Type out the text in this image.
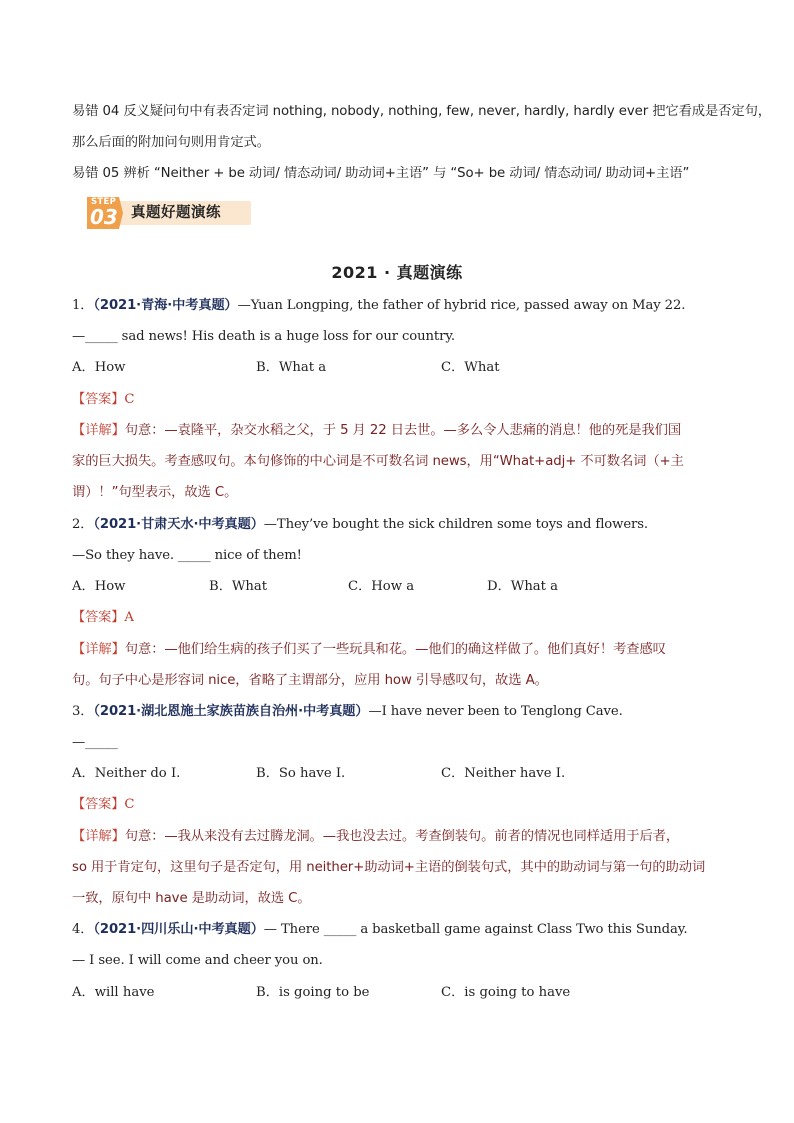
易错 04 反义疑问句中有表否定词 nothing, nobody, nothing, few, never, hardly, hardly ever 把它看成是否定句，
那么后面的附加问句则用肯定式。
易错 05 辨析 “Neither + be 动词/ 情态动词/ 助动词+主语” 与 “So+ be 动词/ 情态动词/ 助动词+主语”
STEP
03 真题好题演练
2021 · 真题演练
1．（2021·青海·中考真题）—Yuan Longping, the father of hybrid rice, passed away on May 22.
—_____ sad news! His death is a huge loss for our country.
A．How	B．What a	C．What
【答案】C
【详解】句意：—袁隆平，杂交水稻之父，于 5 月 22 日去世。—多么令人悲痛的消息！他的死是我们国
家的巨大损失。考查感叹句。本句修饰的中心词是不可数名词 news，用“What+adj+ 不可数名词（+主
谓）！”句型表示，故选 C。
2．（2021·甘肃天水·中考真题）—They’ve bought the sick children some toys and flowers.
—So they have. _____ nice of them!
A．How	B．What	C．How a	D．What a
【答案】A
【详解】句意：—他们给生病的孩子们买了一些玩具和花。—他们的确这样做了。他们真好！考查感叹
句。句子中心是形容词 nice，省略了主谓部分，应用 how 引导感叹句，故选 A。
3．（2021·湖北恩施土家族苗族自治州·中考真题）—I have never been to Tenglong Cave.
—_____
A．Neither do I.	B．So have I.	C．Neither have I.
【答案】C
【详解】句意：—我从来没有去过腾龙洞。—我也没去过。考查倒装句。前者的情况也同样适用于后者，
so 用于肯定句，这里句子是否定句，用 neither+助动词+主语的倒装句式，其中的助动词与第一句的助动词
一致，原句中 have 是助动词，故选 C。
4．（2021·四川乐山·中考真题）— There _____ a basketball game against Class Two this Sunday.
— I see. I will come and cheer you on.
A．will have	B．is going to be	C．is going to have
